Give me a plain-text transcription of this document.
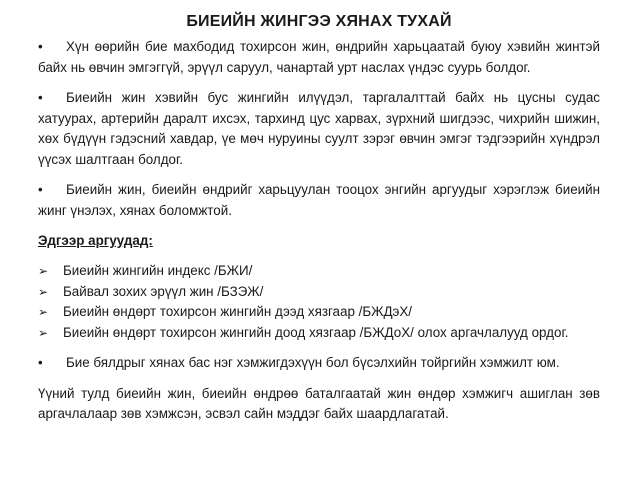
БИЕИЙН ЖИНГЭЭ ХЯНАХ ТУХАЙ

• Хүн өөрийн бие махбодид тохирсон жин, өндрийн харьцаатай буюу хэвийн жинтэй байх нь өвчин эмгэггүй, эрүүл саруул, чанартай урт наслах үндэс суурь болдог.

• Биеийн жин хэвийн бус жингийн илүүдэл, таргалалттай байх нь цусны судас хатуурах, артерийн даралт ихсэх, тархинд цус харвах, зүрхний шигдээс, чихрийн шижин, хөх бүдүүн гэдэсний хавдар, үе мөч нуруины суулт зэрэг өвчин эмгэг тэдгээрийн хүндрэл үүсэх шалтгаан болдог.

• Биеийн жин, биеийн өндрийг харьцуулан тооцох энгийн аргуудыг хэрэглэж биеийн жинг үнэлэх, хянах боломжтой.

Эдгээр аргуудад:
➢	Биеийн жингийн индекс /БЖИ/
➢	Байвал зохих эрүүл жин /БЗЭЖ/
➢	Биеийн өндөрт тохирсон жингийн дээд хязгаар /БЖДэХ/
➢	Биеийн өндөрт тохирсон жингийн доод хязгаар /БЖДоХ/ олох аргачлалууд ордог.

• Бие бялдрыг хянах бас нэг хэмжигдэхүүн бол бүсэлхийн тойргийн хэмжилт юм.

Үүний тулд биеийн жин, биеийн өндрөө баталгаатай жин өндөр хэмжигч ашиглан зөв аргачлалаар зөв хэмжсэн, эсвэл сайн мэддэг байх шаардлагатай.
